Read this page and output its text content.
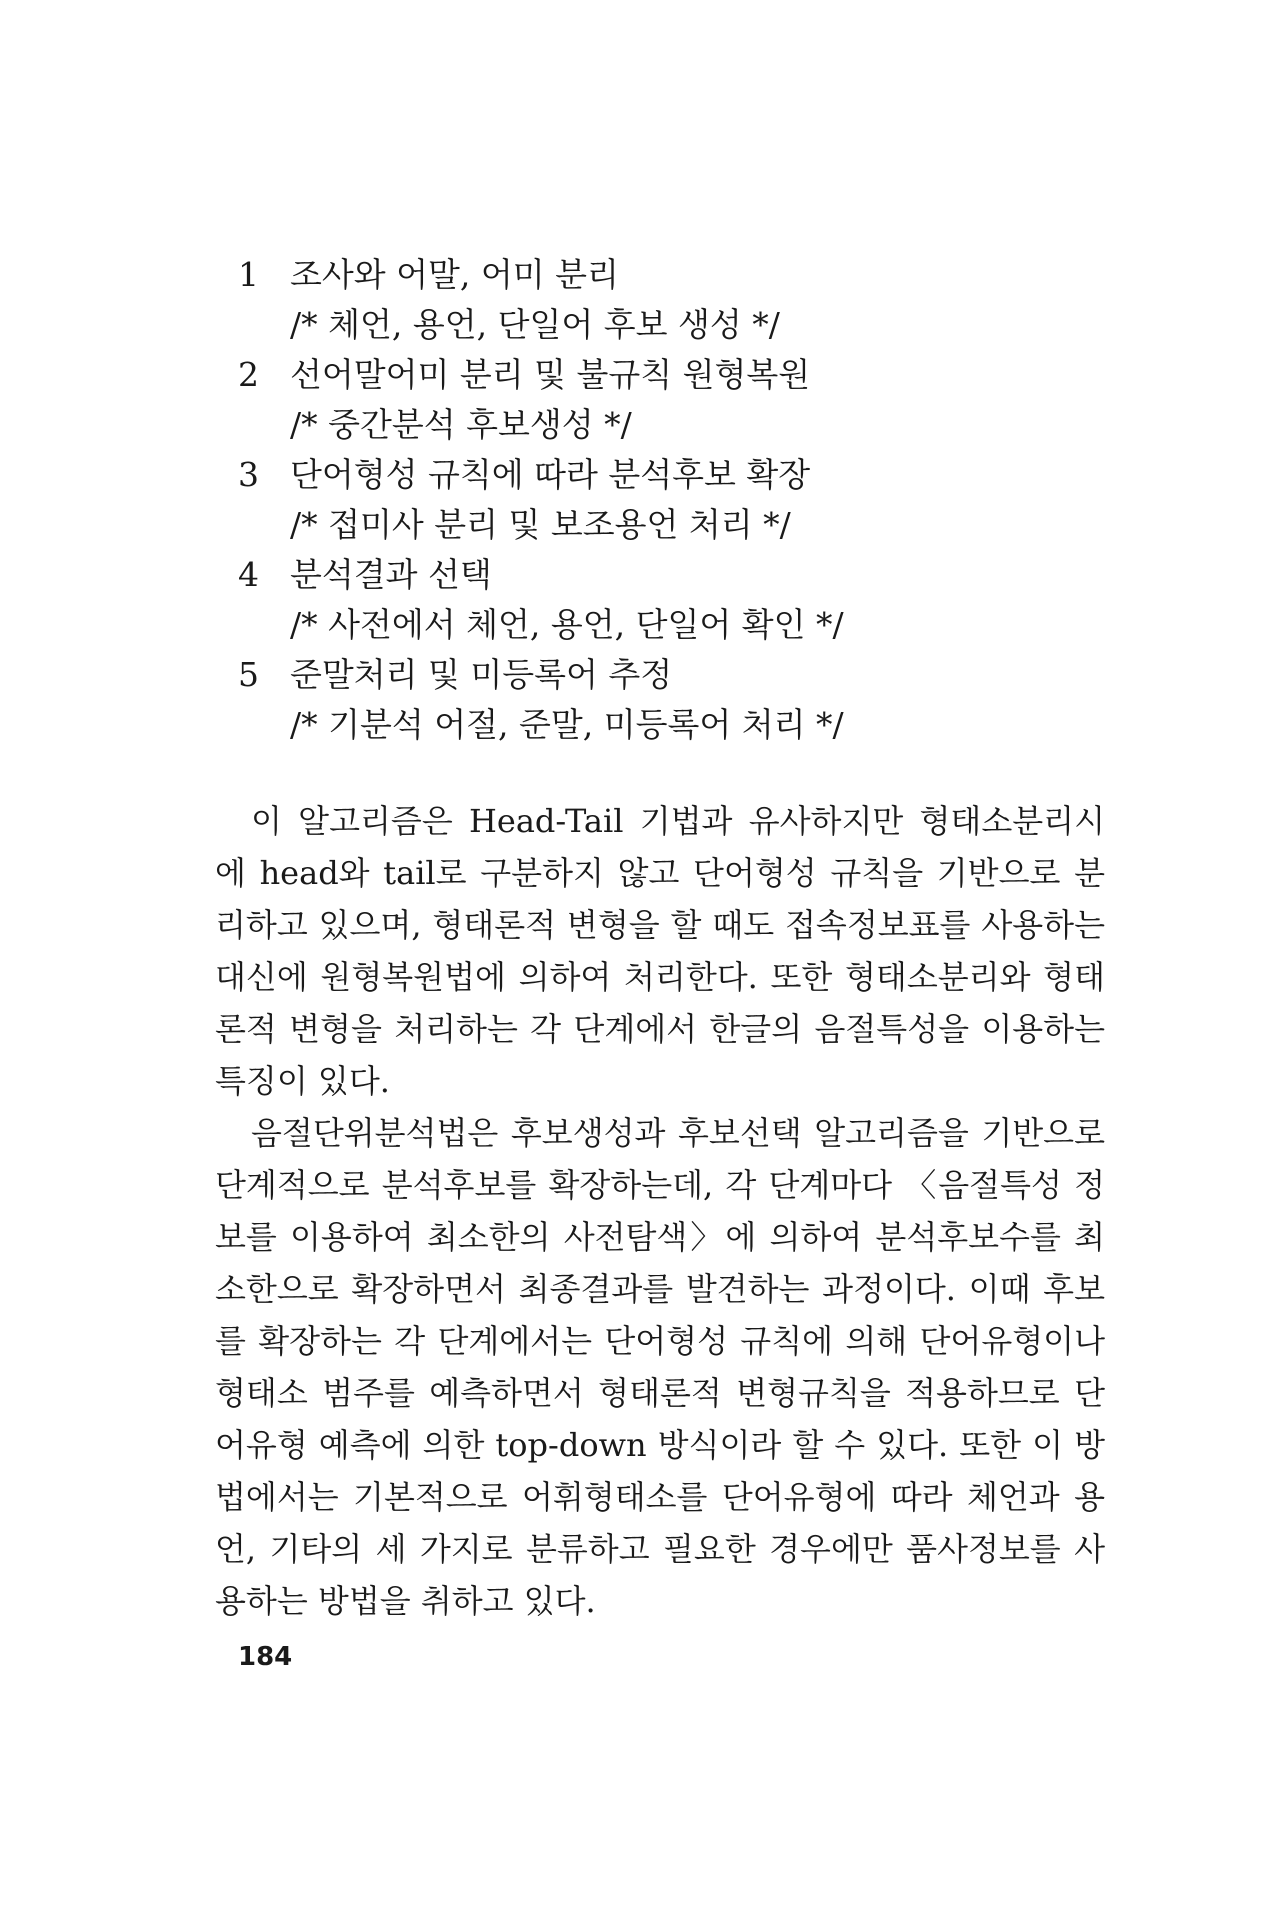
1 조사와 어말, 어미 분리
/* 체언, 용언, 단일어 후보 생성 */
2 선어말어미 분리 및 불규칙 원형복원
/* 중간분석 후보생성 */
3 단어형성 규칙에 따라 분석후보 확장
/* 접미사 분리 및 보조용언 처리 */
4 분석결과 선택
/* 사전에서 체언, 용언, 단일어 확인 */
5 준말처리 및 미등록어 추정
/* 기분석 어절, 준말, 미등록어 처리 */

이 알고리즘은 Head-Tail 기법과 유사하지만 형태소분리시에 head와 tail로 구분하지 않고 단어형성 규칙을 기반으로 분리하고 있으며, 형태론적 변형을 할 때도 접속정보표를 사용하는 대신에 원형복원법에 의하여 처리한다. 또한 형태소분리와 형태론적 변형을 처리하는 각 단계에서 한글의 음절특성을 이용하는 특징이 있다.

음절단위분석법은 후보생성과 후보선택 알고리즘을 기반으로 단계적으로 분석후보를 확장하는데, 각 단계마다 〈음절특성 정보를 이용하여 최소한의 사전탐색〉에 의하여 분석후보수를 최소한으로 확장하면서 최종결과를 발견하는 과정이다. 이때 후보를 확장하는 각 단계에서는 단어형성 규칙에 의해 단어유형이나 형태소 범주를 예측하면서 형태론적 변형규칙을 적용하므로 단어유형 예측에 의한 top-down 방식이라 할 수 있다. 또한 이 방법에서는 기본적으로 어휘형태소를 단어유형에 따라 체언과 용언, 기타의 세 가지로 분류하고 필요한 경우에만 품사정보를 사용하는 방법을 취하고 있다.

184
